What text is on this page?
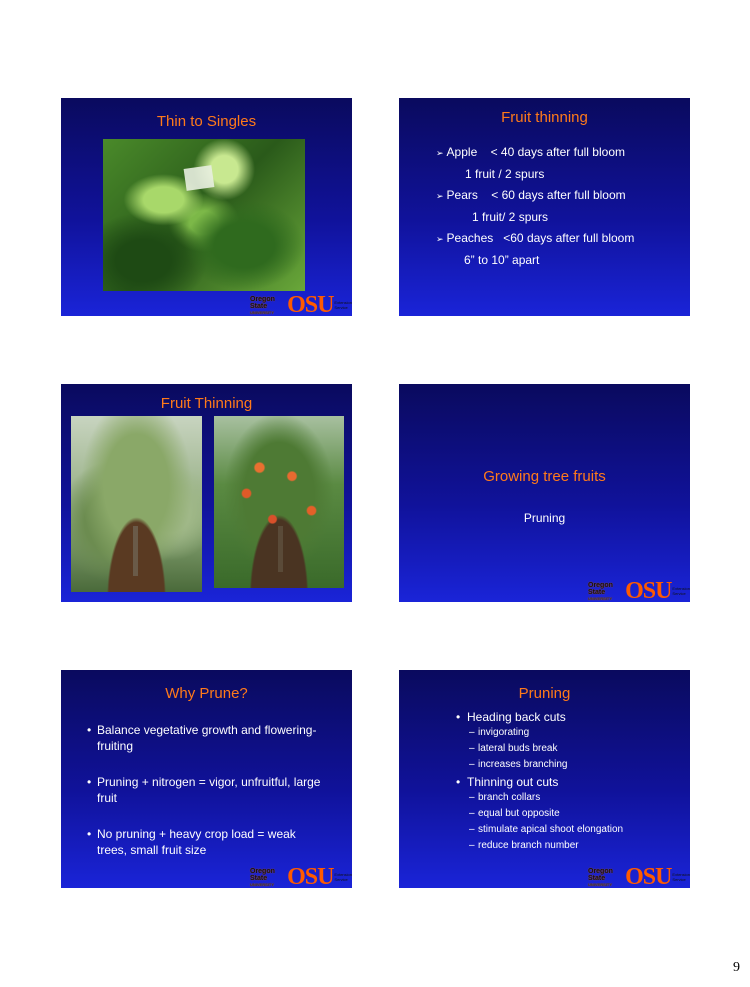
Thin to Singles
Oregon State
UNIVERSITY OSU Extension Service
Fruit thinning
➢ Apple    < 40 days after full bloom
1 fruit / 2 spurs
➢ Pears    < 60 days after full bloom
1 fruit/ 2 spurs
➢ Peaches   <60 days after full bloom
6” to 10” apart
Fruit Thinning
Growing tree fruits
Pruning
Oregon State
UNIVERSITY OSU Extension Service
Why Prune?
• Balance vegetative growth and flowering-fruiting
• Pruning + nitrogen = vigor, unfruitful, large fruit
• No pruning + heavy crop load = weak trees, small fruit size
Oregon State
UNIVERSITY OSU Extension Service
Pruning
• Heading back cuts
– invigorating
– lateral buds break
– increases branching
• Thinning out cuts
– branch collars
– equal but opposite
– stimulate apical shoot elongation
– reduce branch number
Oregon State
UNIVERSITY OSU Extension Service
9
